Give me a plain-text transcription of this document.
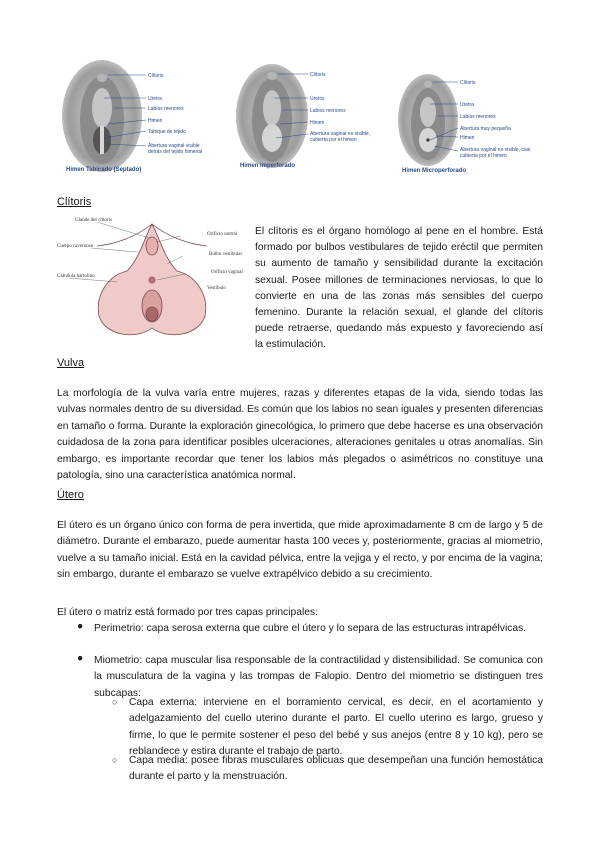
Clítoris
Uretra
Labios menores
Himen
Tabique de tejido
Abertura vaginal visible detrás del tejido himenal
Himen Tabicado (Septado)
Clítoris
Uretra
Labios menores
Himen
Abertura vaginal no visible, cubierta por el himen
Himen Imperforado
Clítoris
Uretra
Labios menores
Abertura muy pequeña
Himen
Abertura vaginal no visible, casi cubierta por el himen
Himen Microperforado
Clítoris
Glande del clítoris
Cuerpo cavernoso
Glándula bartolino
Orificio uretral
Bulbo vestibular
Orificio vaginal
Vestíbulo
El clítoris es el órgano homólogo al pene en el hombre. Está formado por bulbos vestibulares de tejido eréctil que permiten su aumento de tamaño y sensibilidad durante la excitación sexual. Posee millones de terminaciones nerviosas, lo que lo convierte en una de las zonas más sensibles del cuerpo femenino. Durante la relación sexual, el glande del clítoris puede retraerse, quedando más expuesto y favoreciendo así la estimulación.
Vulva
La morfología de la vulva varía entre mujeres, razas y diferentes etapas de la vida, siendo todas las vulvas normales dentro de su diversidad. Es común que los labios no sean iguales y presenten diferencias en tamaño o forma. Durante la exploración ginecológica, lo primero que debe hacerse es una observación cuidadosa de la zona para identificar posibles ulceraciones, alteraciones genitales u otras anomalías. Sin embargo, es importante recordar que tener los labios más plegados o asimétricos no constituye una patología, sino una característica anatómica normal.
Útero
El útero es un órgano único con forma de pera invertida, que mide aproximadamente 8 cm de largo y 5 de diámetro. Durante el embarazo, puede aumentar hasta 100 veces y, posteriormente, gracias al miometrio, vuelve a su tamaño inicial. Está en la cavidad pélvica, entre la vejiga y el recto, y por encima de la vagina; sin embargo, durante el embarazo se vuelve extrapélvico debido a su crecimiento.
El útero o matriz está formado por tres capas principales:
● Perimetrio: capa serosa externa que cubre el útero y lo separa de las estructuras intrapélvicas.
● Miometrio: capa muscular lisa responsable de la contractilidad y distensibilidad. Se comunica con la musculatura de la vagina y las trompas de Falopio. Dentro del miometrio se distinguen tres subcapas:
○ Capa externa: interviene en el borramiento cervical, es decir, en el acortamiento y adelgazamiento del cuello uterino durante el parto. El cuello uterino es largo, grueso y firme, lo que le permite sostener el peso del bebé y sus anejos (entre 8 y 10 kg), pero se reblandece y estira durante el trabajo de parto.
○ Capa media: posee fibras musculares oblicuas que desempeñan una función hemostática durante el parto y la menstruación.
